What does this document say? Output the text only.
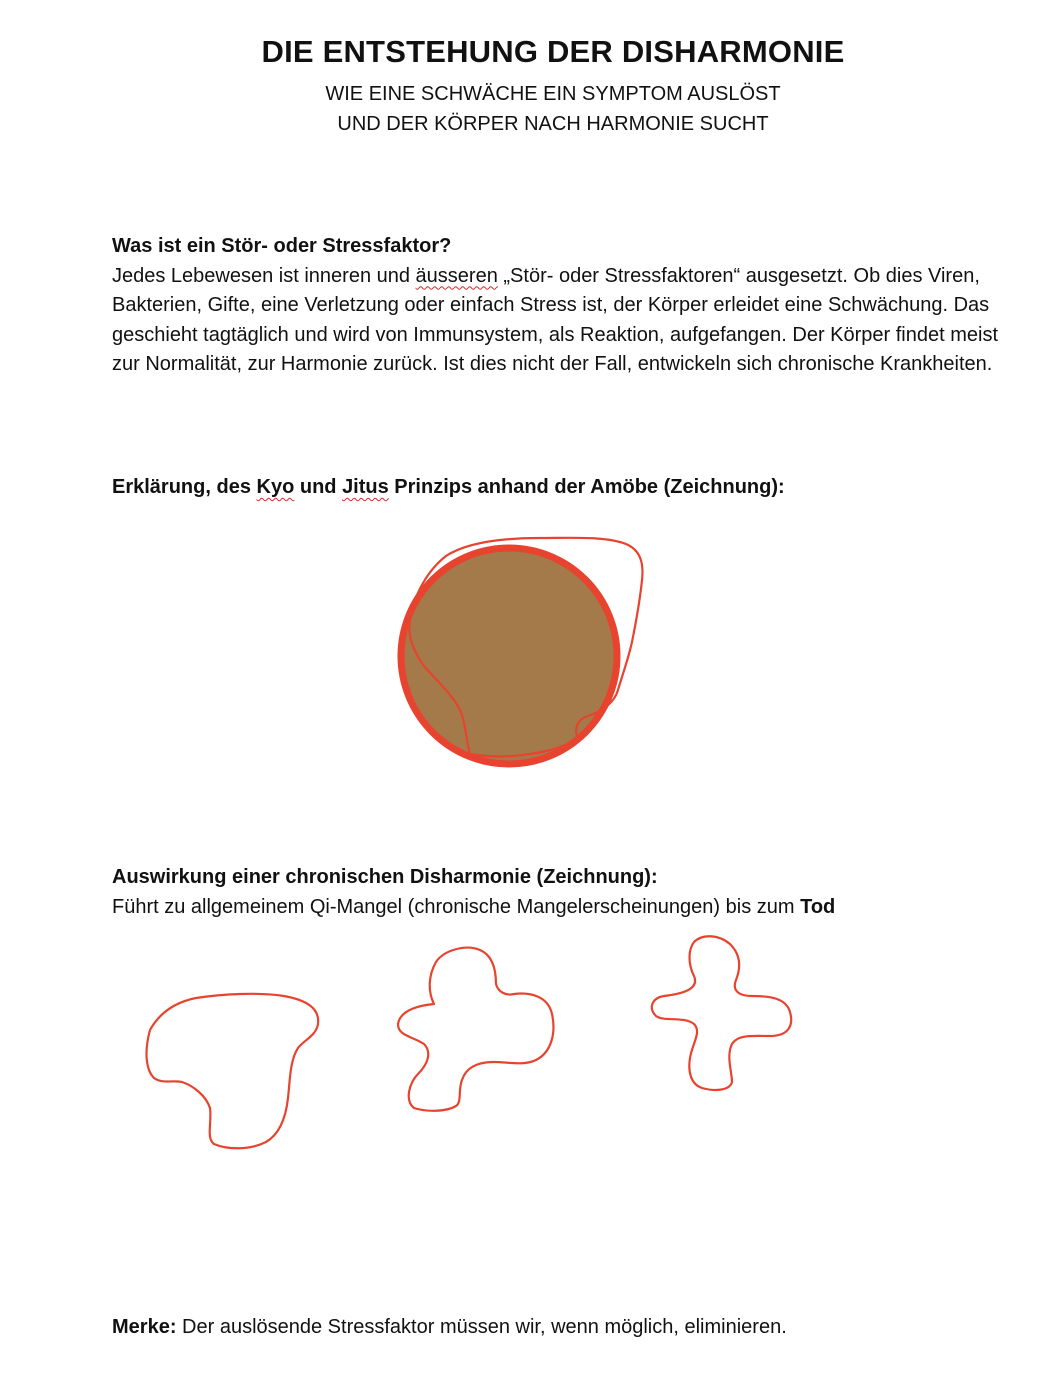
DIE ENTSTEHUNG DER DISHARMONIE

WIE EINE SCHWÄCHE EIN SYMPTOM AUSLÖST

UND DER KÖRPER NACH HARMONIE SUCHT

Was ist ein Stör- oder Stressfaktor?

Jedes Lebewesen ist inneren und äusseren „Stör- oder Stressfaktoren“ ausgesetzt. Ob dies Viren, Bakterien, Gifte, eine Verletzung oder einfach Stress ist, der Körper erleidet eine Schwächung. Das geschieht tagtäglich und wird von Immunsystem, als Reaktion, aufgefangen. Der Körper findet meist zur Normalität, zur Harmonie zurück. Ist dies nicht der Fall, entwickeln sich chronische Krankheiten.

Erklärung, des Kyo und Jitus Prinzips anhand der Amöbe (Zeichnung):

Auswirkung einer chronischen Disharmonie (Zeichnung):

Führt zu allgemeinem Qi-Mangel (chronische Mangelerscheinungen) bis zum Tod

Merke: Der auslösende Stressfaktor müssen wir, wenn möglich, eliminieren.
